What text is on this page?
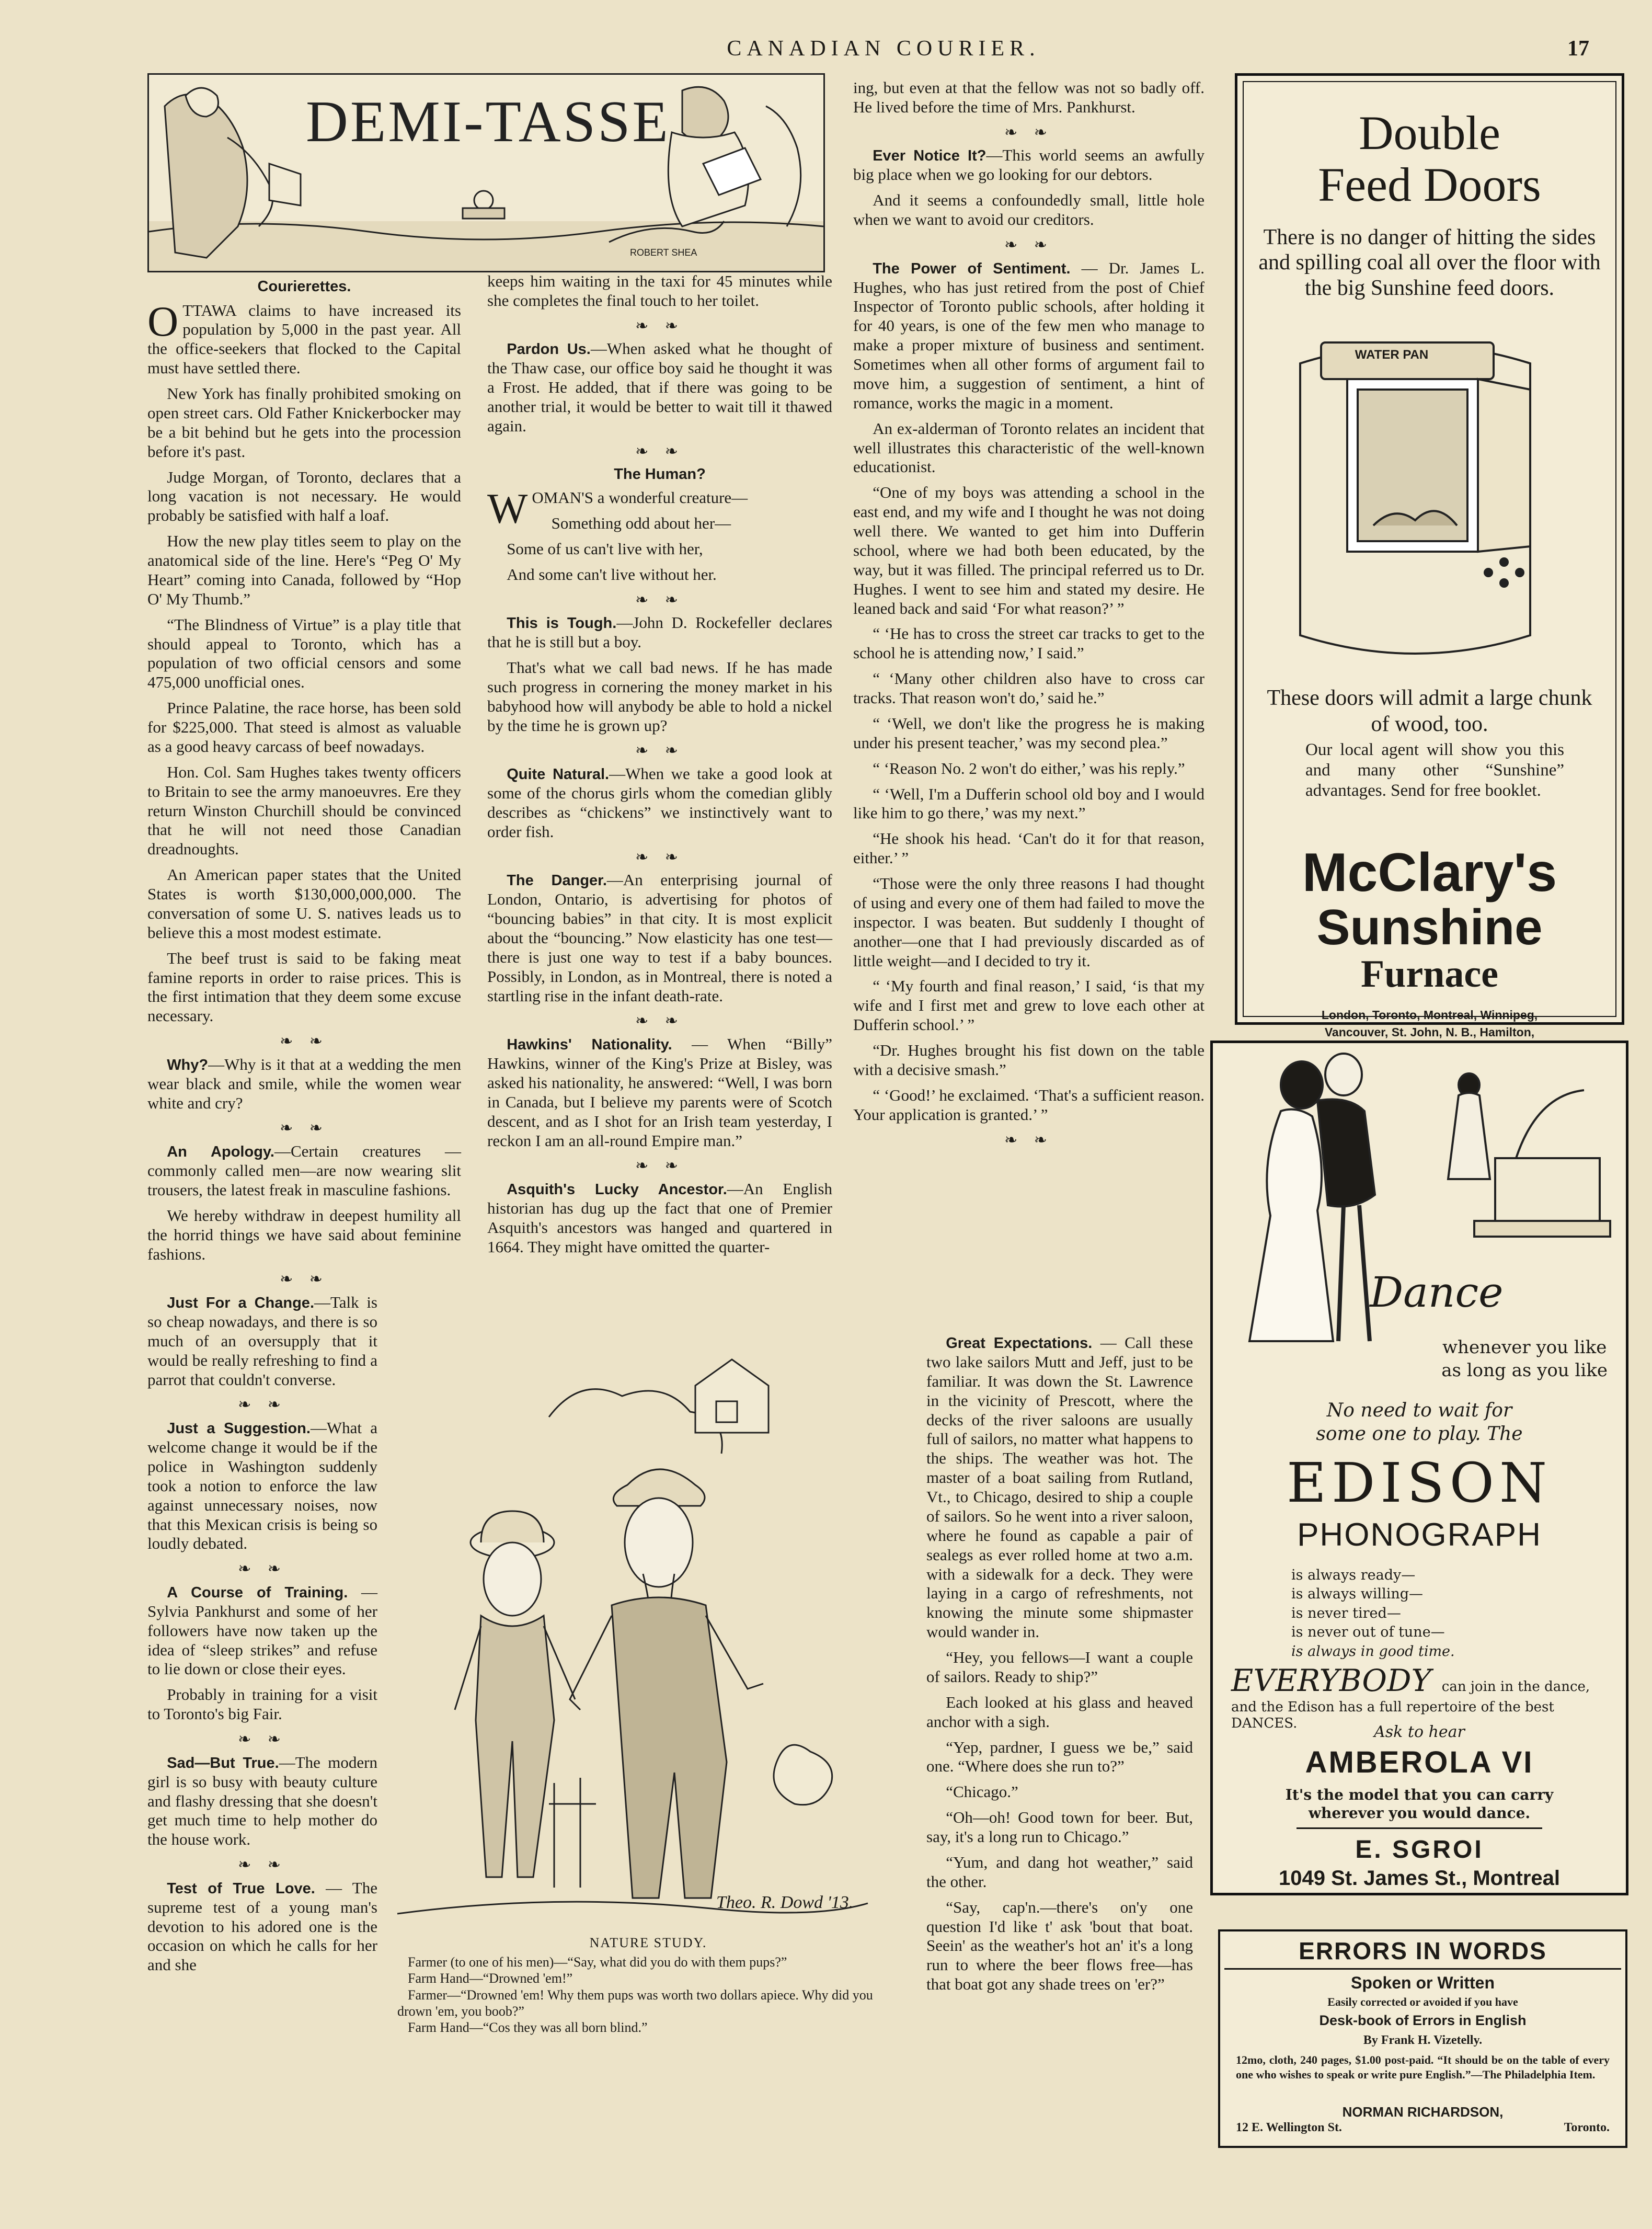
CANADIAN COURIER.	17
DEMI-TASSE
ROBERT SHEA
Courierettes.

OTTAWA claims to have increased its population by 5,000 in the past year. All the office-seekers that flocked to the Capital must have settled there.

New York has finally prohibited smoking on open street cars. Old Father Knickerbocker may be a bit behind but he gets into the procession before it's past.

Judge Morgan, of Toronto, declares that a long vacation is not necessary. He would probably be satisfied with half a loaf.

How the new play titles seem to play on the anatomical side of the line. Here's “Peg O' My Heart” coming into Canada, followed by “Hop O' My Thumb.”

“The Blindness of Virtue” is a play title that should appeal to Toronto, which has a population of two official censors and some 475,000 unofficial ones.

Prince Palatine, the race horse, has been sold for $225,000. That steed is almost as valuable as a good heavy carcass of beef nowadays.

Hon. Col. Sam Hughes takes twenty officers to Britain to see the army manoeuvres. Ere they return Winston Churchill should be convinced that he will not need those Canadian dreadnoughts.

An American paper states that the United States is worth $130,000,000,000. The conversation of some U. S. natives leads us to believe this a most modest estimate.

The beef trust is said to be faking meat famine reports in order to raise prices. This is the first intimation that they deem some excuse necessary.

❧ ❧

Why?—Why is it that at a wedding the men wear black and smile, while the women wear white and cry?

❧ ❧

An Apology.—Certain creatures — commonly called men—are now wearing slit trousers, the latest freak in masculine fashions.

We hereby withdraw in deepest humility all the horrid things we have said about feminine fashions.

❧ ❧

Just For a Change.—Talk is so cheap nowadays, and there is so much of an oversupply that it would be really refreshing to find a parrot that couldn't converse.

❧ ❧

Just a Suggestion.—What a welcome change it would be if the police in Washington suddenly took a notion to enforce the law against unnecessary noises, now that this Mexican crisis is being so loudly debated.

❧ ❧

A Course of Training. — Sylvia Pankhurst and some of her followers have now taken up the idea of “sleep strikes” and refuse to lie down or close their eyes.

Probably in training for a visit to Toronto's big Fair.

❧ ❧

Sad—But True.—The modern girl is so busy with beauty culture and flashy dressing that she doesn't get much time to help mother do the house work.

❧ ❧

Test of True Love. — The supreme test of a young man's devotion to his adored one is the occasion on which he calls for her and she

keeps him waiting in the taxi for 45 minutes while she completes the final touch to her toilet.

❧ ❧

Pardon Us.—When asked what he thought of the Thaw case, our office boy said he thought it was a Frost. He added, that if there was going to be another trial, it would be better to wait till it thawed again.

❧ ❧
The Human?

WOMAN'S a wonderful creature—

Something odd about her—

Some of us can't live with her,

And some can't live without her.

❧ ❧

This is Tough.—John D. Rockefeller declares that he is still but a boy.

That's what we call bad news. If he has made such progress in cornering the money market in his babyhood how will anybody be able to hold a nickel by the time he is grown up?

❧ ❧

Quite Natural.—When we take a good look at some of the chorus girls whom the comedian glibly describes as “chickens” we instinctively want to order fish.

❧ ❧

The Danger.—An enterprising journal of London, Ontario, is advertising for photos of “bouncing babies” in that city. It is most explicit about the “bouncing.” Now elasticity has one test—there is just one way to test if a baby bounces. Possibly, in London, as in Montreal, there is noted a startling rise in the infant death-rate.

❧ ❧

Hawkins' Nationality. — When “Billy” Hawkins, winner of the King's Prize at Bisley, was asked his nationality, he answered: “Well, I was born in Canada, but I believe my parents were of Scotch descent, and as I shot for an Irish team yesterday, I reckon I am an all-round Empire man.”

❧ ❧

Asquith's Lucky Ancestor.—An English historian has dug up the fact that one of Premier Asquith's ancestors was hanged and quartered in 1664. They might have omitted the quarter-

ing, but even at that the fellow was not so badly off. He lived before the time of Mrs. Pankhurst.

❧ ❧

Ever Notice It?—This world seems an awfully big place when we go looking for our debtors.

And it seems a confoundedly small, little hole when we want to avoid our creditors.

❧ ❧

The Power of Sentiment. — Dr. James L. Hughes, who has just retired from the post of Chief Inspector of Toronto public schools, after holding it for 40 years, is one of the few men who manage to make a proper mixture of business and sentiment. Sometimes when all other forms of argument fail to move him, a suggestion of sentiment, a hint of romance, works the magic in a moment.

An ex-alderman of Toronto relates an incident that well illustrates this characteristic of the well-known educationist.

“One of my boys was attending a school in the east end, and my wife and I thought he was not doing well there. We wanted to get him into Dufferin school, where we had both been educated, by the way, but it was filled. The principal referred us to Dr. Hughes. I went to see him and stated my desire. He leaned back and said ‘For what reason?’ ”

“ ‘He has to cross the street car tracks to get to the school he is attending now,’ I said.”

“ ‘Many other children also have to cross car tracks. That reason won't do,’ said he.”

“ ‘Well, we don't like the progress he is making under his present teacher,’ was my second plea.”

“ ‘Reason No. 2 won't do either,’ was his reply.”

“ ‘Well, I'm a Dufferin school old boy and I would like him to go there,’ was my next.”

“He shook his head. ‘Can't do it for that reason, either.’ ”

“Those were the only three reasons I had thought of using and every one of them had failed to move the inspector. I was beaten. But suddenly I thought of another—one that I had previously discarded as of little weight—and I decided to try it.

“ ‘My fourth and final reason,’ I said, ‘is that my wife and I first met and grew to love each other at Dufferin school.’ ”

“Dr. Hughes brought his fist down on the table with a decisive smash.”

“ ‘Good!’ he exclaimed. ‘That's a sufficient reason. Your application is granted.’ ”

❧ ❧

Great Expectations. — Call these two lake sailors Mutt and Jeff, just to be familiar. It was down the St. Lawrence in the vicinity of Prescott, where the decks of the river saloons are usually full of sailors, no matter what happens to the ships. The weather was hot. The master of a boat sailing from Rutland, Vt., to Chicago, desired to ship a couple of sailors. So he went into a river saloon, where he found as capable a pair of sealegs as ever rolled home at two a.m. with a sidewalk for a deck. They were laying in a cargo of refreshments, not knowing the minute some shipmaster would wander in.

“Hey, you fellows—I want a couple of sailors. Ready to ship?”

Each looked at his glass and heaved anchor with a sigh.

“Yep, pardner, I guess we be,” said one. “Where does she run to?”

“Chicago.”

“Oh—oh! Good town for beer. But, say, it's a long run to Chicago.”

“Yum, and dang hot weather,” said the other.

“Say, cap'n.—there's on'y one question I'd like t' ask 'bout that boat. Seein' as the weather's hot an' it's a long run to where the beer flows free—has that boat got any shade trees on 'er?”

Theo. R. Dowd '13.
NATURE STUDY.

Farmer (to one of his men)—“Say, what did you do with them pups?”

Farm Hand—“Drowned 'em!”

Farmer—“Drowned 'em! Why them pups was worth two dollars apiece. Why did you drown 'em, you boob?”

Farm Hand—“Cos they was all born blind.”

Double
Feed Doors
There is no danger of hitting the sides and spilling coal all over the floor with the big Sunshine feed doors.
WATER PAN
These doors will admit a large chunk of wood, too.
Our local agent will show you this and many other “Sunshine” advantages. Send for free booklet.
McClary's
Sunshine
Furnace
London, Toronto, Montreal, Winnipeg,
Vancouver, St. John, N. B., Hamilton,
Dance
whenever you like
as long as you like
No need to wait for
some one to play. The
EDISON
PHONOGRAPH
is always ready—
is always willing—
is never tired—
is never out of tune—
is always in good time.
EVERYBODY can join in the dance, and the Edison has a full repertoire of the best DANCES.	Ask to hear
AMBEROLA VI
It's the model that you can carry
wherever you would dance.
E. SGROI
1049 St. James St., Montreal
ERRORS IN WORDS
Spoken or Written
Easily corrected or avoided if you have
Desk-book of Errors in English
By Frank H. Vizetelly.
12mo, cloth, 240 pages, $1.00 post-paid. “It should be on the table of every one who wishes to speak or write pure English.”—The Philadelphia Item.
NORMAN RICHARDSON,
12 E. Wellington St.	Toronto.
